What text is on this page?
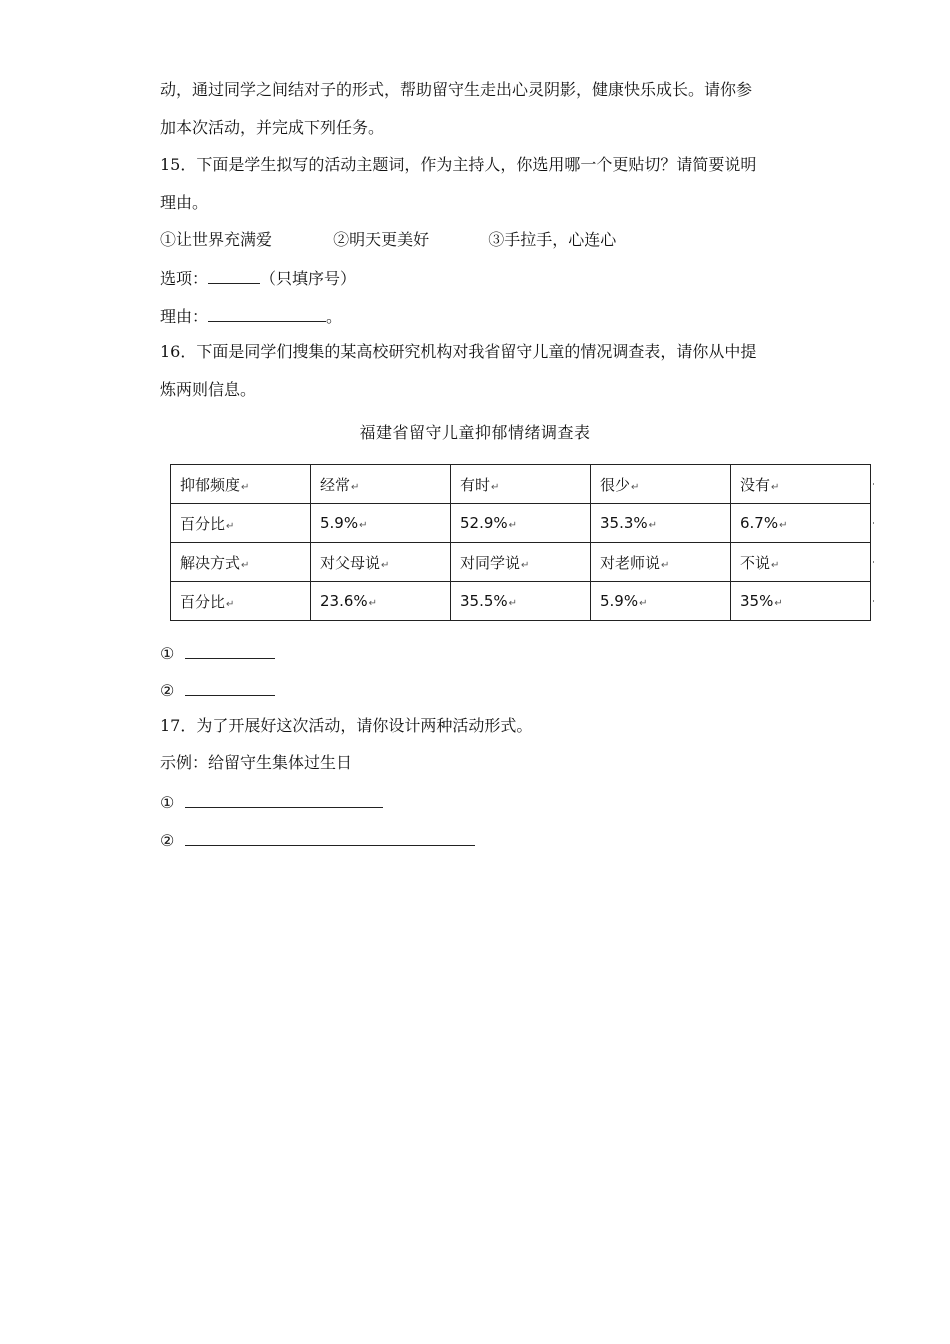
动，通过同学之间结对子的形式，帮助留守生走出心灵阴影，健康快乐成长。请你参
加本次活动，并完成下列任务。
15．下面是学生拟写的活动主题词，作为主持人，你选用哪一个更贴切？请简要说明
理由。
①让世界充满爱	②明天更美好	③手拉手，心连心
选项：	（只填序号）
理由：	。
16．下面是同学们搜集的某高校研究机构对我省留守儿童的情况调查表，请你从中提
炼两则信息。
福建省留守儿童抑郁情绪调查表
抑郁频度↵	经常↵	有时↵	很少↵	没有↵
百分比↵	5.9%↵	52.9%↵	35.3%↵	6.7%↵
解决方式↵	对父母说↵	对同学说↵	对老师说↵	不说↵
百分比↵	23.6%↵	35.5%↵	5.9%↵	35%↵
①
②
17．为了开展好这次活动，请你设计两种活动形式。
示例：给留守生集体过生日
①
②
